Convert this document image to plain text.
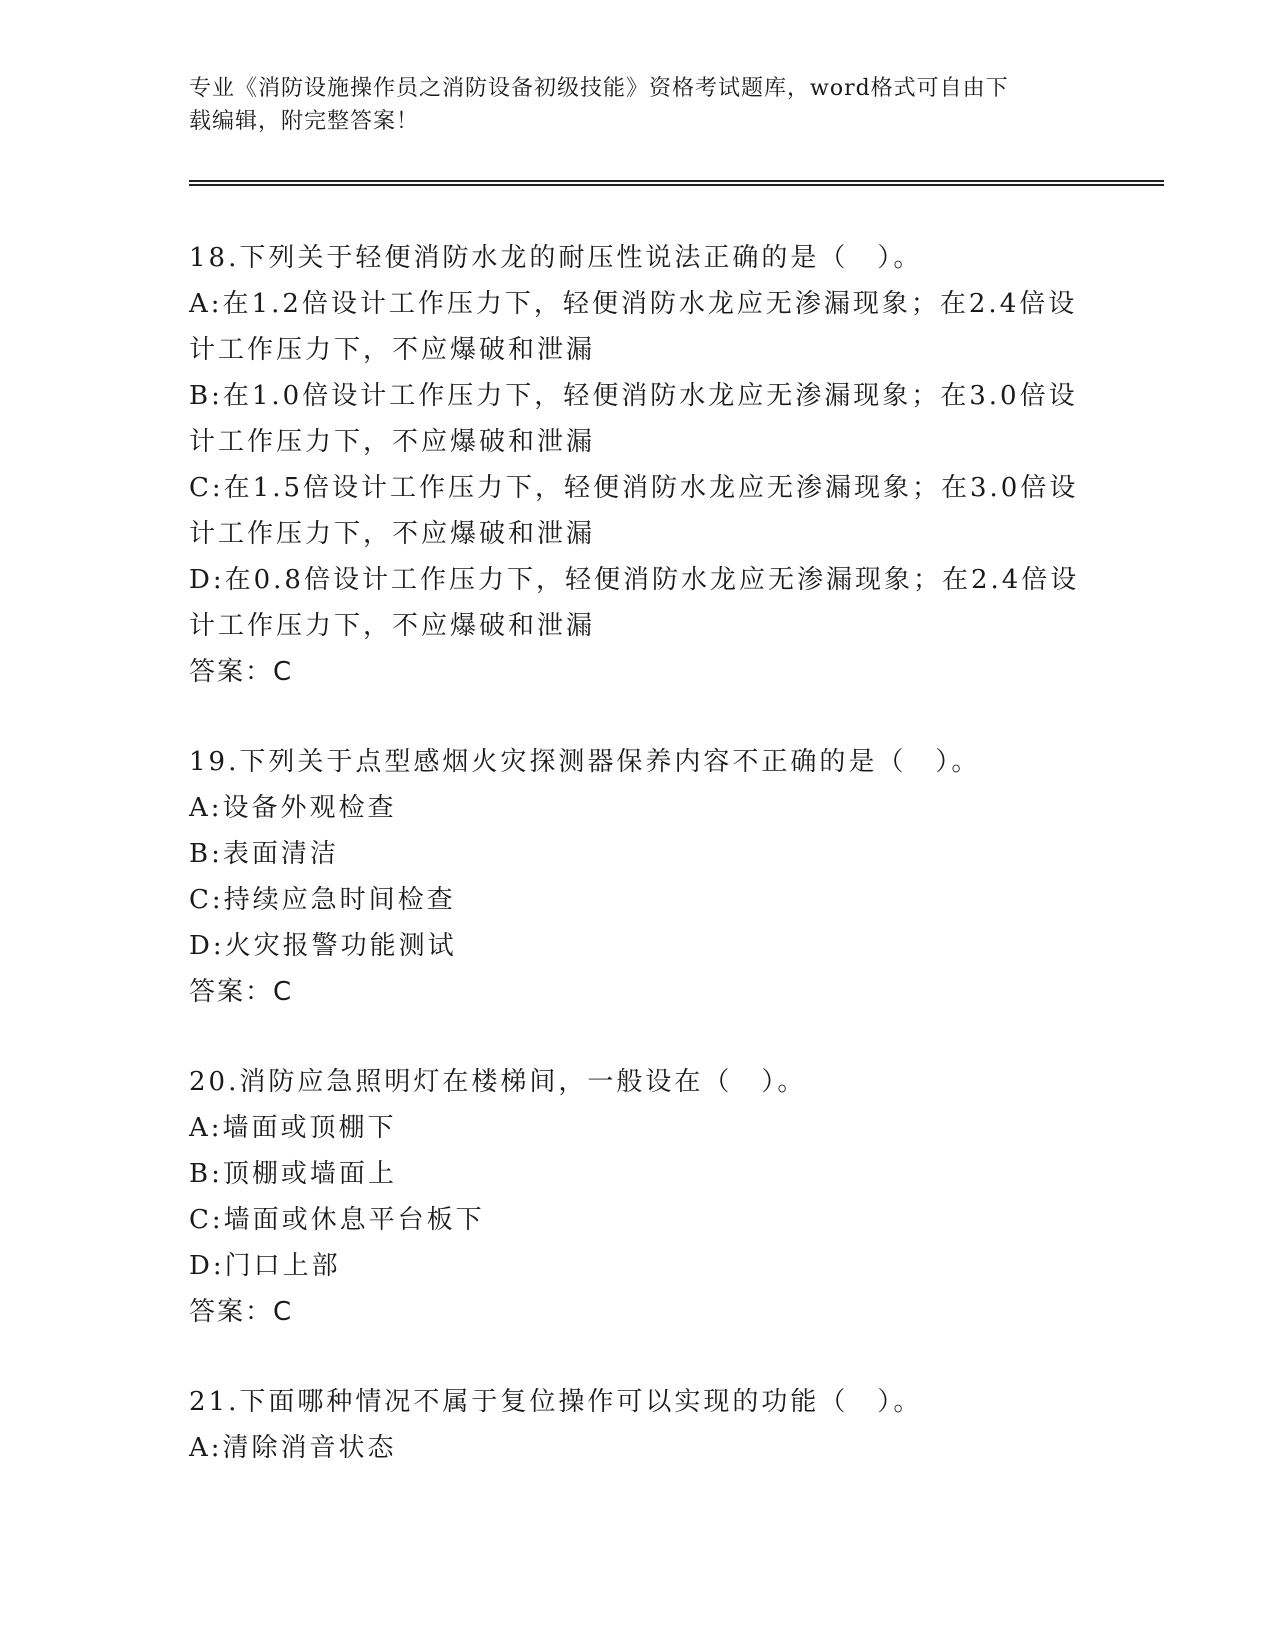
专业《消防设施操作员之消防设备初级技能》资格考试题库，word格式可自由下
载编辑，附完整答案！
18.下列关于轻便消防水龙的耐压性说法正确的是（　）。
A:在1.2倍设计工作压力下，轻便消防水龙应无渗漏现象；在2.4倍设计工作压力下，不应爆破和泄漏
B:在1.0倍设计工作压力下，轻便消防水龙应无渗漏现象；在3.0倍设计工作压力下，不应爆破和泄漏
C:在1.5倍设计工作压力下，轻便消防水龙应无渗漏现象；在3.0倍设计工作压力下，不应爆破和泄漏
D:在0.8倍设计工作压力下，轻便消防水龙应无渗漏现象；在2.4倍设计工作压力下，不应爆破和泄漏
答案：C
19.下列关于点型感烟火灾探测器保养内容不正确的是（　）。
A:设备外观检查
B:表面清洁
C:持续应急时间检查
D:火灾报警功能测试
答案：C
20.消防应急照明灯在楼梯间，一般设在（　）。
A:墙面或顶棚下
B:顶棚或墙面上
C:墙面或休息平台板下
D:门口上部
答案：C
21.下面哪种情况不属于复位操作可以实现的功能（　）。
A:清除消音状态
